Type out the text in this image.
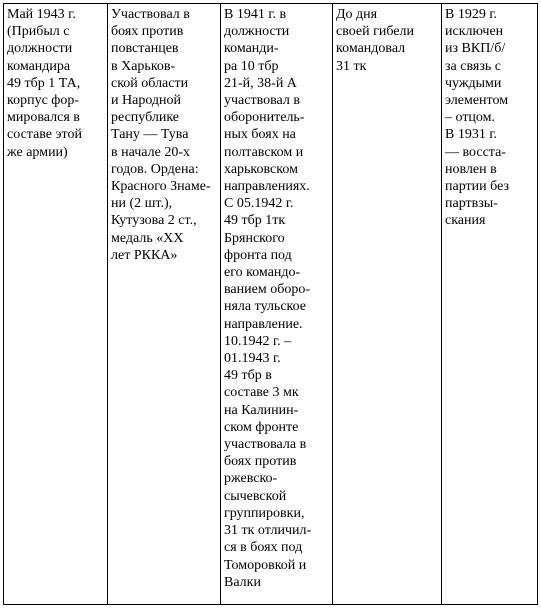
Май 1943 г.
(Прибыл с
должности
командира
49 тбр 1 ТА,
корпус фор-
мировался в
составе этой
же армии)	Участвовал в
боях против
повстанцев
в Харьков-
ской области
и Народной
республике
Тану — Тува
в начале 20-х
годов. Ордена:
Красного Знаме-
ни (2 шт.),
Кутузова 2 ст.,
медаль «XX
лет РККА»	В 1941 г. в
должности
команди-
ра 10 тбр
21-й, 38-й А
участвовал в
оборонитель-
ных боях на
полтавском и
харьковском
направлениях.
С 05.1942 г.
49 тбр 1тк
Брянского
фронта под
его командо-
ванием оборо-
няла тульское
направление.
10.1942 г. –
01.1943 г.
49 тбр в
составе 3 мк
на Калинин-
ском фронте
участвовала в
боях против
ржевско-
сычевской
группировки,
31 тк отличил-
ся в боях под
Томоровкой и
Валки	До дня
своей гибели
командовал
31 тк	В 1929 г.
исключен
из ВКП/б/
за связь с
чуждыми
элементом
– отцом.
В 1931 г.
— восста-
новлен в
партии без
партвзы-
скания
